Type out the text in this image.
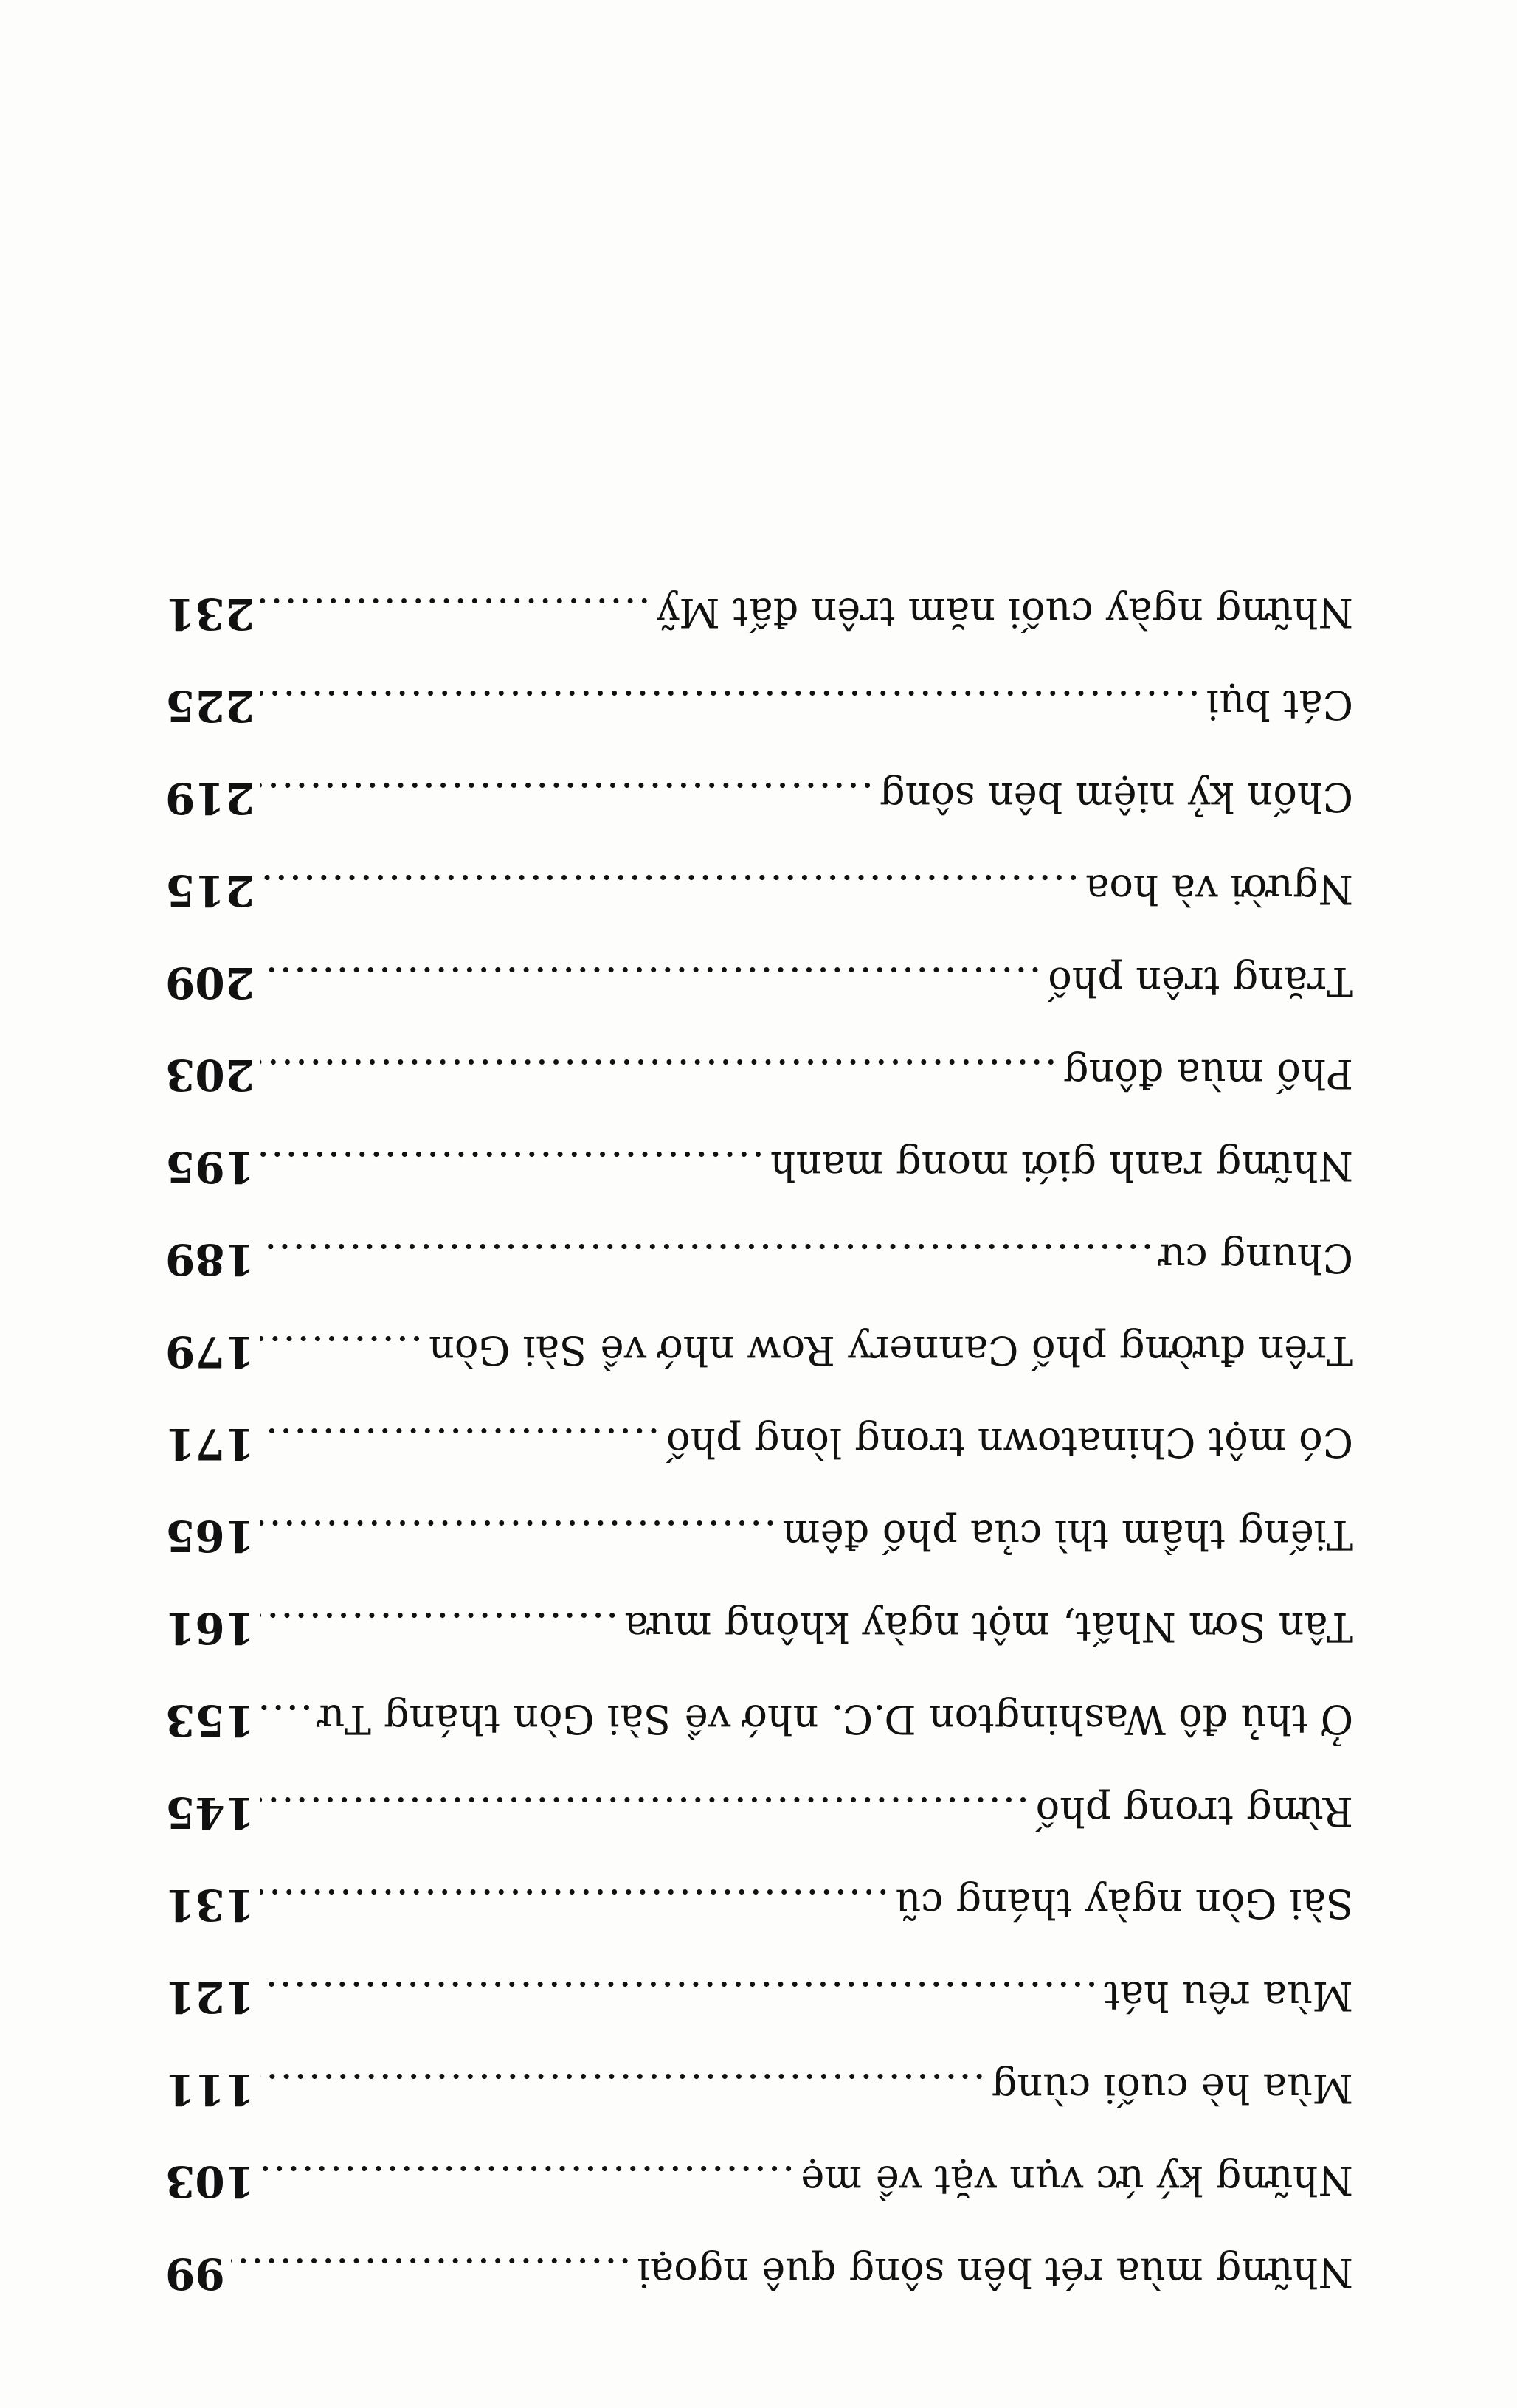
Những mùa rét bên sông quê ngoại
.....
99
Những ký ức vụn vặt về mẹ
.....
103
Mùa hè cuối cùng
.....
111
Mùa rêu hát
.....
121
Sài Gòn ngày tháng cũ
.....
131
Rừng trong phố
.....
145
Ở thủ đô Washington D.C. nhớ về Sài Gòn tháng Tư
.....
153
Tân Sơn Nhất, một ngày không mưa
.....
161
Tiếng thầm thì của phố đêm
.....
165
Có một Chinatown trong lòng phố
.....
171
Trên đường phố Cannery Row nhớ về Sài Gòn
.....
179
Chung cư
.....
189
Những ranh giới mong manh
.....
195
Phố mùa đông
.....
203
Trăng trên phố
.....
209
Người và hoa
.....
215
Chốn kỷ niệm bên sông
.....
219
Cát bụi
.....
225
Những ngày cuối năm trên đất Mỹ
.....
231
